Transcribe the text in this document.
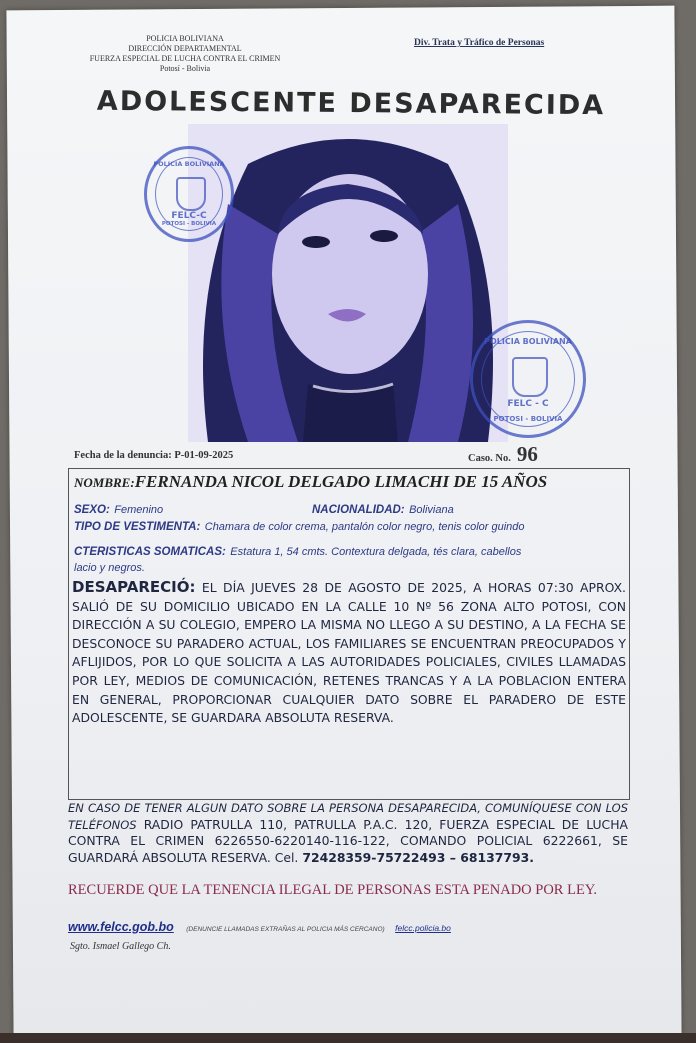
POLICIA BOLIVIANA
DIRECCIÓN DEPARTAMENTAL
FUERZA ESPECIAL DE LUCHA CONTRA EL CRIMEN
Potosí - Bolivia
Div. Trata y Tráfico de Personas
ADOLESCENTE DESAPARECIDA
POLICIA BOLIVIANA
FELC-C
POTOSI - BOLIVIA
POLICIA BOLIVIANA
FELC - C
POTOSI - BOLIVIA
Fecha de la denuncia: P-01-09-2025	Caso. No. 96
NOMBRE:FERNANDA NICOL DELGADO LIMACHI DE 15 AÑOS
SEXO: Femenino	NACIONALIDAD: Boliviana
TIPO DE VESTIMENTA: Chamara de color crema, pantalón color negro, tenis color guindo
CTERISTICAS SOMATICAS: Estatura 1, 54 cmts. Contextura delgada, tés clara, cabellos
lacio y negros.
DESAPARECIÓ: EL DÍA JUEVES 28 DE AGOSTO DE 2025, A HORAS 07:30 APROX. SALIÓ DE SU DOMICILIO UBICADO EN LA CALLE 10 Nº 56 ZONA ALTO POTOSI, CON DIRECCIÓN A SU COLEGIO, EMPERO LA MISMA NO LLEGO A SU DESTINO, A LA FECHA SE DESCONOCE SU PARADERO ACTUAL, LOS FAMILIARES SE ENCUENTRAN PREOCUPADOS Y AFLIJIDOS, POR LO QUE SOLICITA A LAS AUTORIDADES POLICIALES, CIVILES LLAMADAS POR LEY, MEDIOS DE COMUNICACIÓN, RETENES TRANCAS Y A LA POBLACION ENTERA EN GENERAL, PROPORCIONAR CUALQUIER DATO SOBRE EL PARADERO DE ESTE ADOLESCENTE, SE GUARDARA ABSOLUTA RESERVA.
EN CASO DE TENER ALGUN DATO SOBRE LA PERSONA DESAPARECIDA, COMUNÍQUESE CON LOS TELÉFONOS RADIO PATRULLA 110, PATRULLA P.A.C. 120, FUERZA ESPECIAL DE LUCHA CONTRA EL CRIMEN 6226550-6220140-116-122, COMANDO POLICIAL 6222661, SE GUARDARÁ ABSOLUTA RESERVA. Cel. 72428359-75722493 – 68137793.
RECUERDE QUE LA TENENCIA ILEGAL DE PERSONAS ESTA PENADO POR LEY.
www.felcc.gob.bo (DENUNCIE LLAMADAS EXTRAÑAS AL POLICIA MÁS CERCANO) felcc.policia.bo
Sgto. Ismael Gallego Ch.
